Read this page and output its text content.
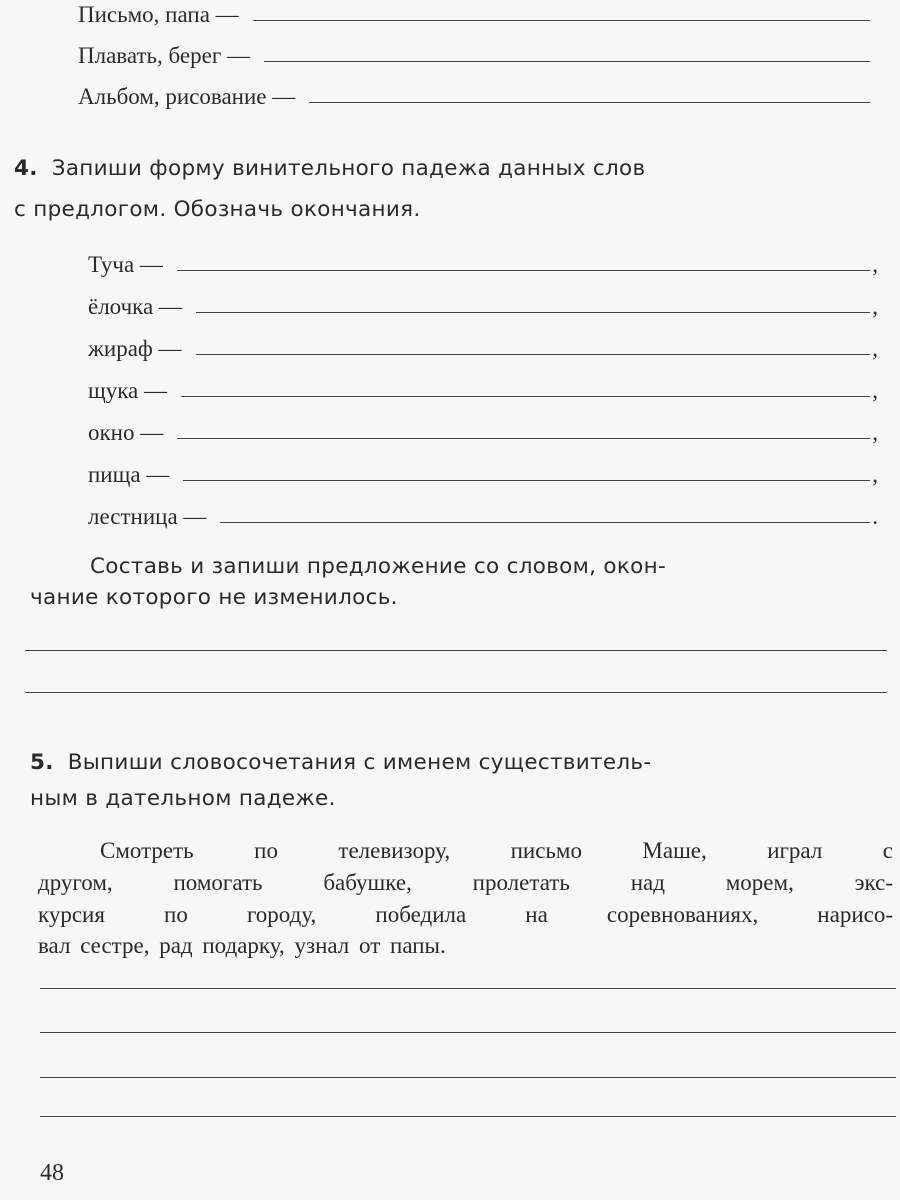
Письмо, папа —
Плавать, берег —
Альбом, рисование —
4. Запиши форму винительного падежа данных слов
с предлогом. Обозначь окончания.
Туча —	,
ёлочка —	,
жираф —	,
щука —	,
окно —	,
пища —	,
лестница —	.
Составь и запиши предложение со словом, окон-
чание которого не изменилось.
5. Выпиши словосочетания с именем существитель-
ным в дательном падеже.
Смотреть по телевизору, письмо Маше, играл с
другом, помогать бабушке, пролетать над морем, экс-
курсия по городу, победила на соревнованиях, нарисо-
вал сестре, рад подарку, узнал от папы.
48
